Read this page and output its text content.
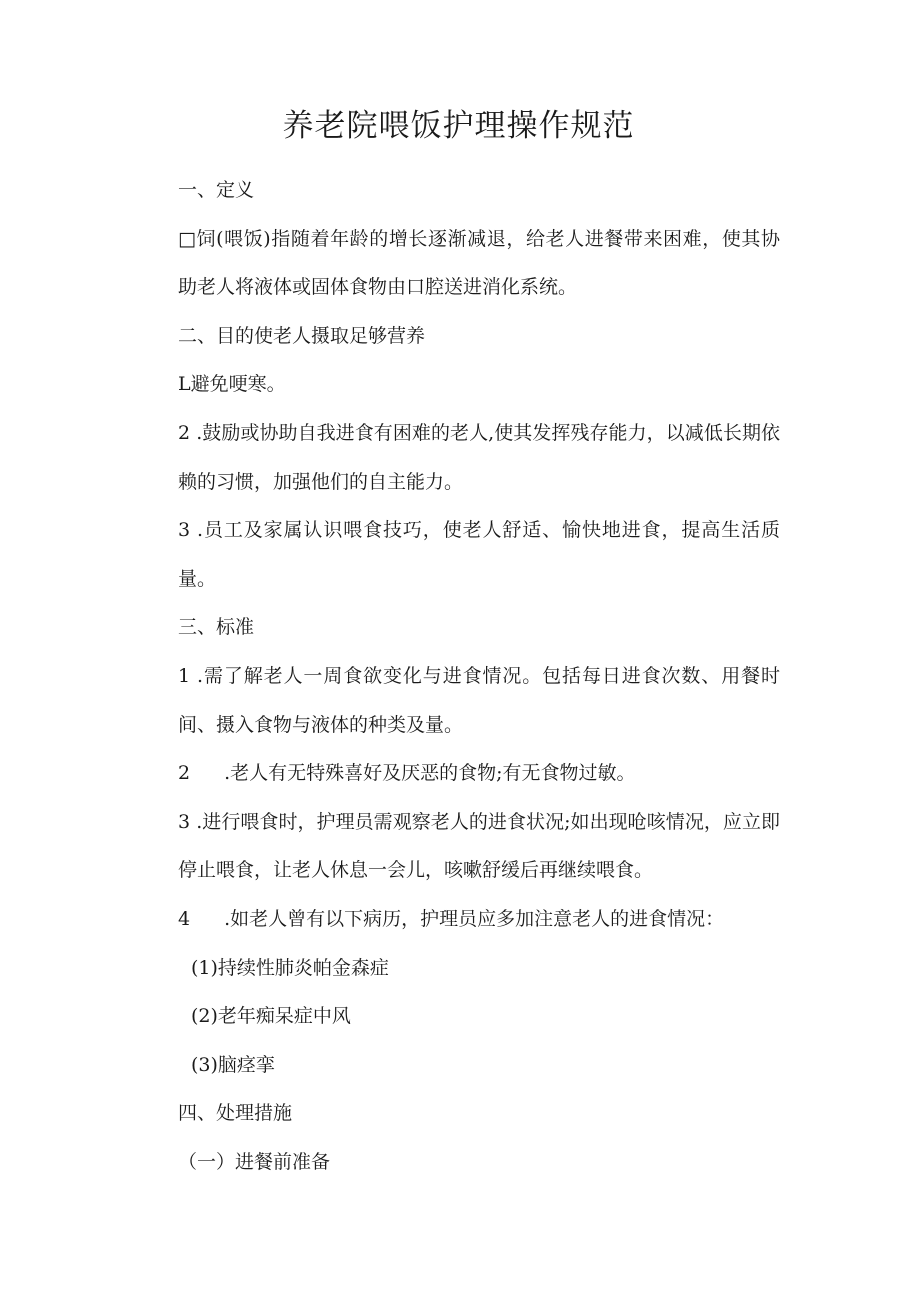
养老院喂饭护理操作规范

一、定义

□饲(喂饭)指随着年龄的增长逐渐减退，给老人进餐带来困难，使其协助老人将液体或固体食物由口腔送进消化系统。

二、目的使老人摄取足够营养

L避免哽寒。

2 .鼓励或协助自我进食有困难的老人,使其发挥残存能力，以减低长期依赖的习惯，加强他们的自主能力。

3 .员工及家属认识喂食技巧，使老人舒适、愉快地进食，提高生活质量。

三、标准

1 .需了解老人一周食欲变化与进食情况。包括每日进食次数、用餐时间、摄入食物与液体的种类及量。

2 .老人有无特殊喜好及厌恶的食物;有无食物过敏。

3 .进行喂食时，护理员需观察老人的进食状况;如出现呛咳情况，应立即停止喂食，让老人休息一会儿，咳嗽舒缓后再继续喂食。

4 .如老人曾有以下病历，护理员应多加注意老人的进食情况：

(1)持续性肺炎帕金森症

(2)老年痴呆症中风

(3)脑痉挛

四、处理措施

（一）进餐前准备
